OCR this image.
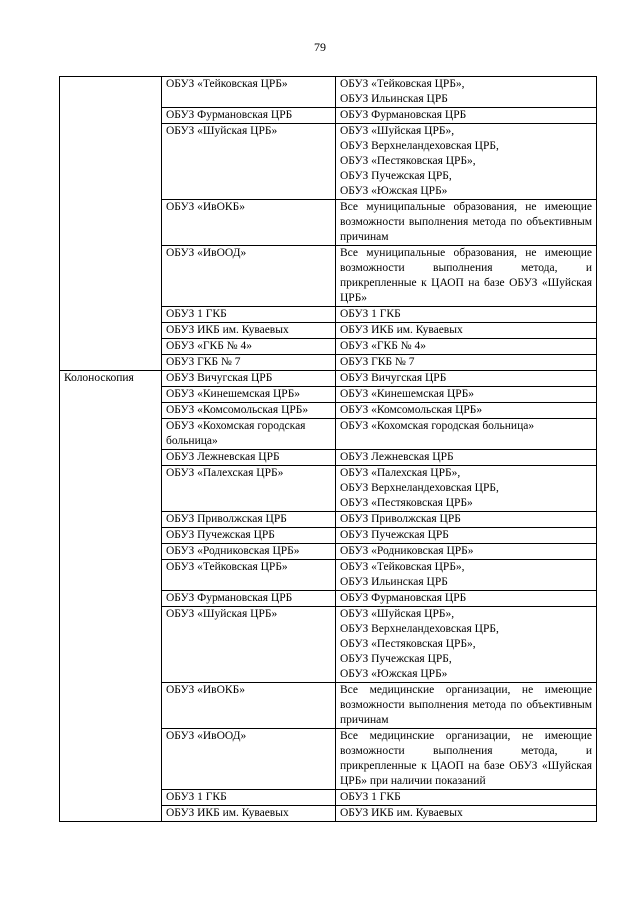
79
	ОБУЗ «Тейковская ЦРБ»	ОБУЗ «Тейковская ЦРБ»,
ОБУЗ Ильинская ЦРБ

	ОБУЗ Фурмановская ЦРБ	ОБУЗ Фурмановская ЦРБ

	ОБУЗ «Шуйская ЦРБ»	ОБУЗ «Шуйская ЦРБ»,
ОБУЗ Верхнеландеховская ЦРБ,
ОБУЗ «Пестяковская ЦРБ»,
ОБУЗ Пучежская ЦРБ,
ОБУЗ «Южская ЦРБ»

	ОБУЗ «ИвОКБ»	Все муниципальные образования, не имеющие возможности выполнения метода по объективным причинам

	ОБУЗ «ИвООД»	Все муниципальные образования, не имеющие возможности выполнения метода, и прикрепленные к ЦАОП на базе ОБУЗ «Шуйская ЦРБ»

	ОБУЗ 1 ГКБ	ОБУЗ 1 ГКБ

	ОБУЗ ИКБ им. Куваевых	ОБУЗ ИКБ им. Куваевых

	ОБУЗ «ГКБ № 4»	ОБУЗ «ГКБ № 4»

	ОБУЗ ГКБ № 7	ОБУЗ ГКБ № 7

Колоноскопия	ОБУЗ Вичугская ЦРБ	ОБУЗ Вичугская ЦРБ

	ОБУЗ «Кинешемская ЦРБ»	ОБУЗ «Кинешемская ЦРБ»

	ОБУЗ «Комсомольская ЦРБ»	ОБУЗ «Комсомольская ЦРБ»

	ОБУЗ «Кохомская городская больница»	ОБУЗ «Кохомская городская больница»

	ОБУЗ Лежневская ЦРБ	ОБУЗ Лежневская ЦРБ

	ОБУЗ «Палехская ЦРБ»	ОБУЗ «Палехская ЦРБ»,
ОБУЗ Верхнеландеховская ЦРБ,
ОБУЗ «Пестяковская ЦРБ»

	ОБУЗ Приволжская ЦРБ	ОБУЗ Приволжская ЦРБ

	ОБУЗ Пучежская ЦРБ	ОБУЗ Пучежская ЦРБ

	ОБУЗ «Родниковская ЦРБ»	ОБУЗ «Родниковская ЦРБ»

	ОБУЗ «Тейковская ЦРБ»	ОБУЗ «Тейковская ЦРБ»,
ОБУЗ Ильинская ЦРБ

	ОБУЗ Фурмановская ЦРБ	ОБУЗ Фурмановская ЦРБ

	ОБУЗ «Шуйская ЦРБ»	ОБУЗ «Шуйская ЦРБ»,
ОБУЗ Верхнеландеховская ЦРБ,
ОБУЗ «Пестяковская ЦРБ»,
ОБУЗ Пучежская ЦРБ,
ОБУЗ «Южская ЦРБ»

	ОБУЗ «ИвОКБ»	Все медицинские организации, не имеющие возможности выполнения метода по объективным причинам

	ОБУЗ «ИвООД»	Все медицинские организации, не имеющие возможности выполнения метода, и прикрепленные к ЦАОП на базе ОБУЗ «Шуйская ЦРБ» при наличии показаний

	ОБУЗ 1 ГКБ	ОБУЗ 1 ГКБ

	ОБУЗ ИКБ им. Куваевых	ОБУЗ ИКБ им. Куваевых
